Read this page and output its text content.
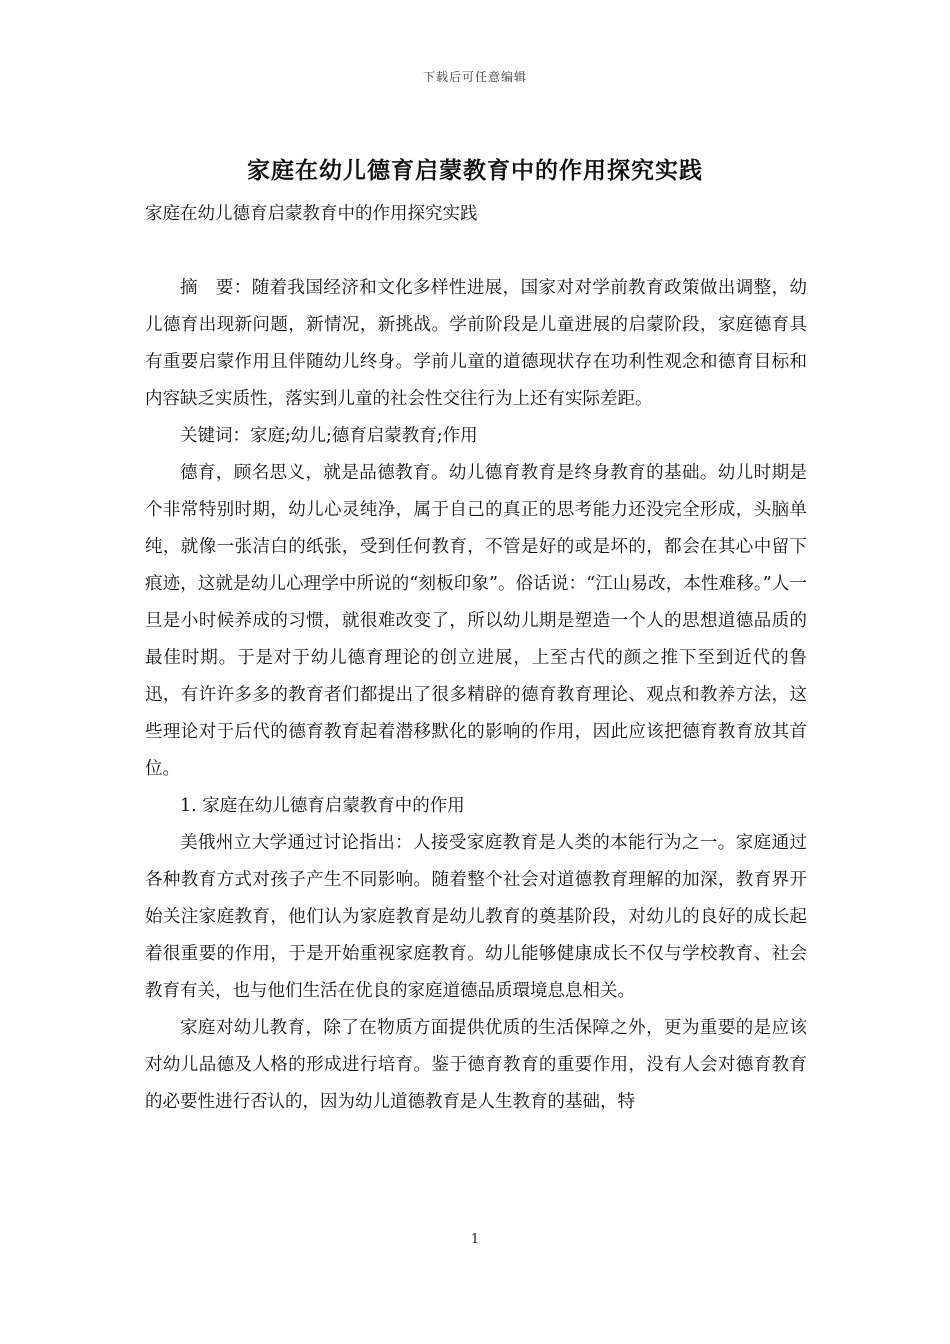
下载后可任意编辑
家庭在幼儿德育启蒙教育中的作用探究实践

家庭在幼儿德育启蒙教育中的作用探究实践

摘　要：随着我国经济和文化多样性进展，国家对对学前教育政策做出调整，幼儿德育出现新问题，新情况，新挑战。学前阶段是儿童进展的启蒙阶段，家庭德育具有重要启蒙作用且伴随幼儿终身。学前儿童的道德现状存在功利性观念和德育目标和内容缺乏实质性，落实到儿童的社会性交往行为上还有实际差距。

关键词：家庭;幼儿;德育启蒙教育;作用

德育，顾名思义，就是品德教育。幼儿德育教育是终身教育的基础。幼儿时期是个非常特别时期，幼儿心灵纯净，属于自己的真正的思考能力还没完全形成，头脑单纯，就像一张洁白的纸张，受到任何教育，不管是好的或是坏的，都会在其心中留下痕迹，这就是幼儿心理学中所说的“刻板印象”。俗话说：“江山易改，本性难移。”人一旦是小时候养成的习惯，就很难改变了，所以幼儿期是塑造一个人的思想道德品质的最佳时期。于是对于幼儿德育理论的创立进展，上至古代的颜之推下至到近代的鲁迅，有许许多多的教育者们都提出了很多精辟的德育教育理论、观点和教养方法，这些理论对于后代的德育教育起着潜移默化的影响的作用，因此应该把德育教育放其首位。

1. 家庭在幼儿德育启蒙教育中的作用

美俄州立大学通过讨论指出：人接受家庭教育是人类的本能行为之一。家庭通过各种教育方式对孩子产生不同影响。随着整个社会对道德教育理解的加深，教育界开始关注家庭教育，他们认为家庭教育是幼儿教育的奠基阶段，对幼儿的良好的成长起着很重要的作用，于是开始重视家庭教育。幼儿能够健康成长不仅与学校教育、社会教育有关，也与他们生活在优良的家庭道德品质環境息息相关。

家庭对幼儿教育，除了在物质方面提供优质的生活保障之外，更为重要的是应该对幼儿品德及人格的形成进行培育。鉴于德育教育的重要作用，没有人会对德育教育的必要性进行否认的，因为幼儿道德教育是人生教育的基础，特

1
